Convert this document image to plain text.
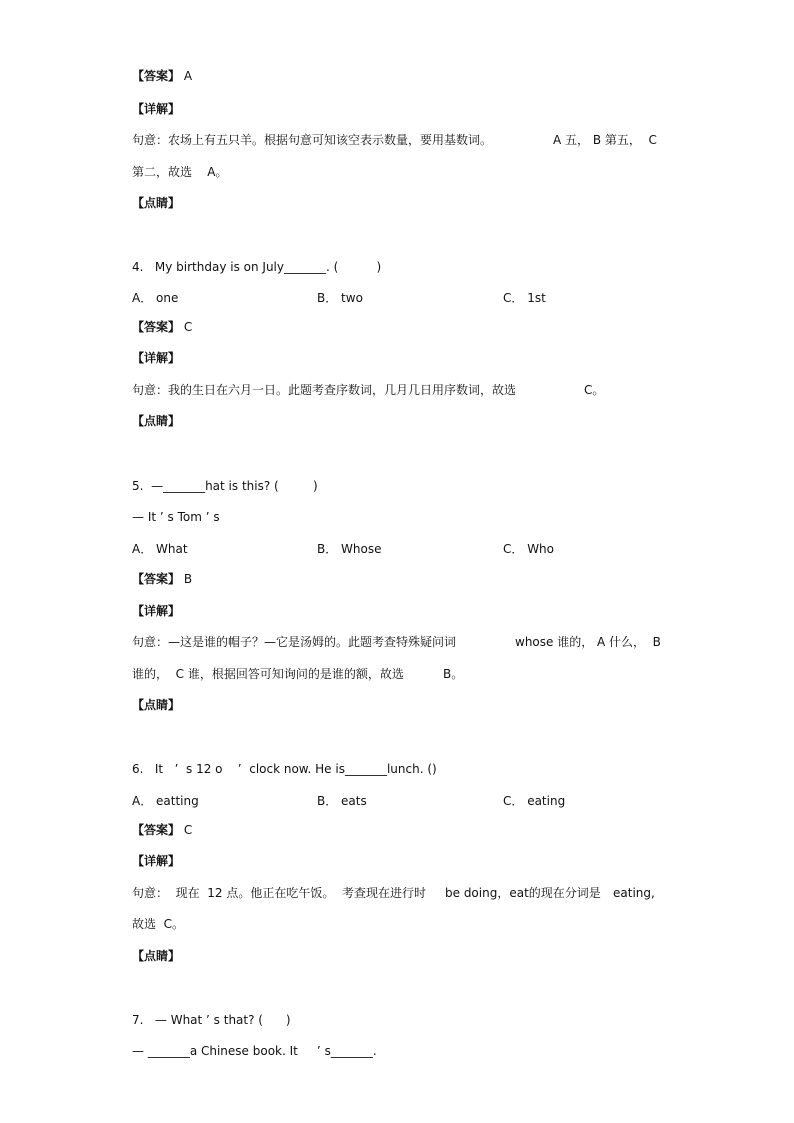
【答案】 A
【详解】
句意：农场上有五只羊。根据句意可知该空表示数量，要用基数词。	A 五， B 第五，  C
第二，故选    A。
【点睛】
4.   My birthday is on July_______. (          )
A． one	B． two	C． 1st
【答案】 C
【详解】
句意：我的生日在六月一日。此题考查序数词，几月几日用序数词，故选	C。
【点睛】
5.  —_______hat is this? (         )
— It ’ s Tom ’ s
A． What	B． Whose	C． Who
【答案】 B
【详解】
句意：—这是谁的帽子？—它是汤姆的。此题考查特殊疑问词	whose 谁的， A 什么，  B
谁的，  C 谁，根据回答可知询问的是谁的额，故选	B。
【点睛】
6.   It   ’  s 12 o    ’  clock now. He is_______lunch. ()
A． eatting	B． eats	C． eating
【答案】 C
【详解】
句意：  现在  12 点。他正在吃午饭。  考查现在进行时 be doing，eat的现在分词是 eating,
故选  C。
【点睛】
7.   — What ’ s that? (      )
— _______a Chinese book. It     ’ s_______.
